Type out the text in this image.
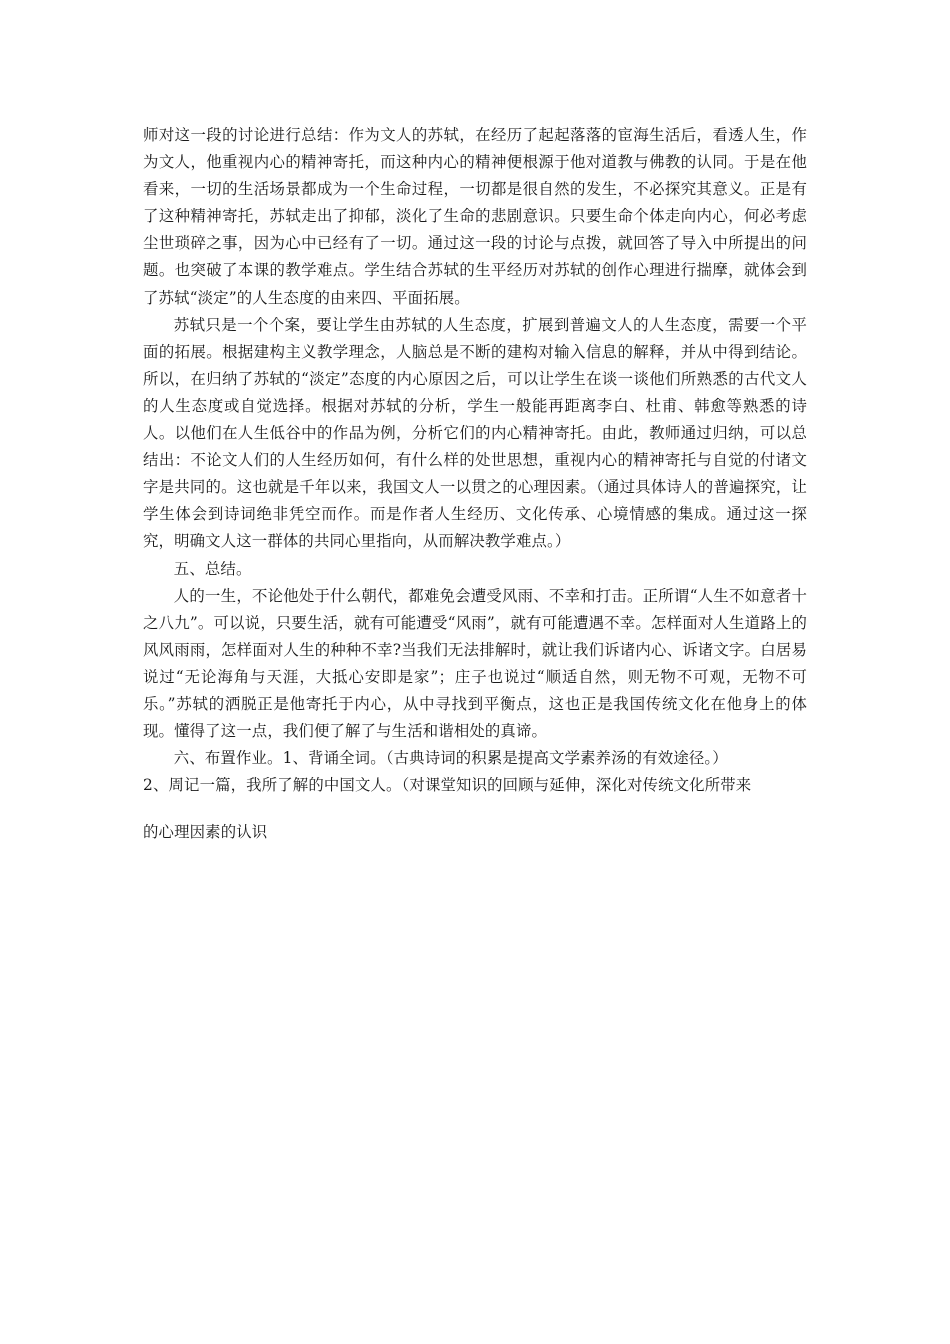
师对这一段的讨论进行总结：作为文人的苏轼，在经历了起起落落的宦海生活后，看透人生，作为文人，他重视内心的精神寄托，而这种内心的精神便根源于他对道教与佛教的认同。于是在他看来，一切的生活场景都成为一个生命过程，一切都是很自然的发生，不必探究其意义。正是有了这种精神寄托，苏轼走出了抑郁，淡化了生命的悲剧意识。只要生命个体走向内心，何必考虑尘世琐碎之事，因为心中已经有了一切。通过这一段的讨论与点拨，就回答了导入中所提出的问题。也突破了本课的教学难点。学生结合苏轼的生平经历对苏轼的创作心理进行揣摩，就体会到了苏轼“淡定”的人生态度的由来四、平面拓展。

苏轼只是一个个案，要让学生由苏轼的人生态度，扩展到普遍文人的人生态度，需要一个平面的拓展。根据建构主义教学理念，人脑总是不断的建构对输入信息的解释，并从中得到结论。所以，在归纳了苏轼的“淡定”态度的内心原因之后，可以让学生在谈一谈他们所熟悉的古代文人的人生态度或自觉选择。根据对苏轼的分析，学生一般能再距离李白、杜甫、韩愈等熟悉的诗人。以他们在人生低谷中的作品为例，分析它们的内心精神寄托。由此，教师通过归纳，可以总结出：不论文人们的人生经历如何，有什么样的处世思想，重视内心的精神寄托与自觉的付诸文字是共同的。这也就是千年以来，我国文人一以贯之的心理因素。（通过具体诗人的普遍探究，让学生体会到诗词绝非凭空而作。而是作者人生经历、文化传承、心境情感的集成。通过这一探究，明确文人这一群体的共同心里指向，从而解决教学难点。）

五、总结。

人的一生，不论他处于什么朝代，都难免会遭受风雨、不幸和打击。正所谓“人生不如意者十之八九”。可以说，只要生活，就有可能遭受“风雨”，就有可能遭遇不幸。怎样面对人生道路上的风风雨雨，怎样面对人生的种种不幸?当我们无法排解时，就让我们诉诸内心、诉诸文字。白居易说过“无论海角与天涯，大抵心安即是家”；庄子也说过“顺适自然，则无物不可观，无物不可乐。”苏轼的洒脱正是他寄托于内心，从中寻找到平衡点，这也正是我国传统文化在他身上的体现。懂得了这一点，我们便了解了与生活和谐相处的真谛。

六、布置作业。1、背诵全词。（古典诗词的积累是提高文学素养汤的有效途径。）

2、周记一篇，我所了解的中国文人。（对课堂知识的回顾与延伸，深化对传统文化所带来

的心理因素的认识
